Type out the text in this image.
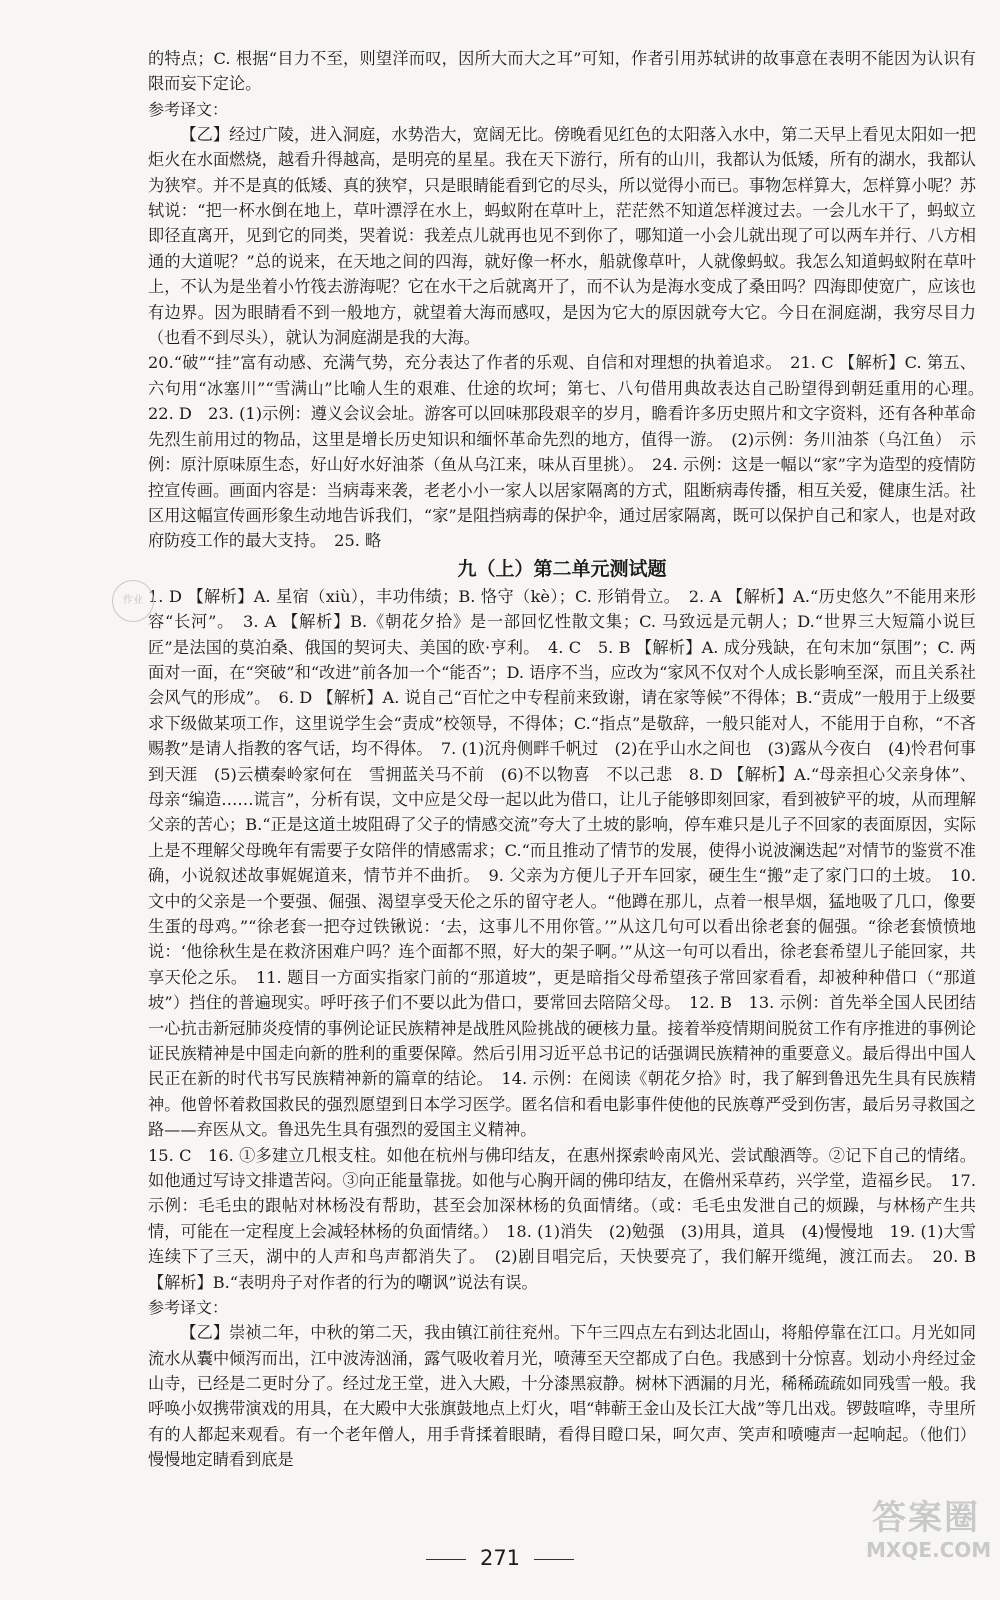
的特点；C. 根据“目力不至，则望洋而叹，因所大而大之耳”可知，作者引用苏轼讲的故事意在表明不能因为认识有限而妄下定论。

参考译文：

【乙】经过广陵，进入洞庭，水势浩大，宽阔无比。傍晚看见红色的太阳落入水中，第二天早上看见太阳如一把炬火在水面燃烧，越看升得越高，是明亮的星星。我在天下游行，所有的山川，我都认为低矮，所有的湖水，我都认为狭窄。并不是真的低矮、真的狭窄，只是眼睛能看到它的尽头，所以觉得小而已。事物怎样算大，怎样算小呢？苏轼说：“把一杯水倒在地上，草叶漂浮在水上，蚂蚁附在草叶上，茫茫然不知道怎样渡过去。一会儿水干了，蚂蚁立即径直离开，见到它的同类，哭着说：我差点儿就再也见不到你了，哪知道一小会儿就出现了可以两车并行、八方相通的大道呢？”总的说来，在天地之间的四海，就好像一杯水，船就像草叶，人就像蚂蚁。我怎么知道蚂蚁附在草叶上，不认为是坐着小竹筏去游海呢？它在水干之后就离开了，而不认为是海水变成了桑田吗？四海即使宽广，应该也有边界。因为眼睛看不到一般地方，就望着大海而感叹，是因为它大的原因就夸大它。今日在洞庭湖，我穷尽目力（也看不到尽头），就认为洞庭湖是我的大海。

20.“破”“挂”富有动感、充满气势，充分表达了作者的乐观、自信和对理想的执着追求。　21. C 【解析】C. 第五、六句用“冰塞川”“雪满山”比喻人生的艰难、仕途的坎坷；第七、八句借用典故表达自己盼望得到朝廷重用的心理。　22. D　23. (1)示例：遵义会议会址。游客可以回味那段艰辛的岁月，瞻看许多历史照片和文字资料，还有各种革命先烈生前用过的物品，这里是增长历史知识和缅怀革命先烈的地方，值得一游。　(2)示例：务川油茶（乌江鱼）　示例：原汁原味原生态，好山好水好油茶（鱼从乌江来，味从百里挑）。　24. 示例：这是一幅以“家”字为造型的疫情防控宣传画。画面内容是：当病毒来袭，老老小小一家人以居家隔离的方式，阻断病毒传播，相互关爱，健康生活。社区用这幅宣传画形象生动地告诉我们，“家”是阻挡病毒的保护伞，通过居家隔离，既可以保护自己和家人，也是对政府防疫工作的最大支持。　25. 略

九（上）第二单元测试题

1. D 【解析】A. 星宿（xiù），丰功伟绩；B. 恪守（kè）；C. 形销骨立。　2. A 【解析】A.“历史悠久”不能用来形容“长河”。　3. A 【解析】B.《朝花夕拾》是一部回忆性散文集；C. 马致远是元朝人；D.“世界三大短篇小说巨匠”是法国的莫泊桑、俄国的契诃夫、美国的欧·亨利。　4. C　5. B 【解析】A. 成分残缺，在句末加“氛围”；C. 两面对一面，在“突破”和“改进”前各加一个“能否”；D. 语序不当，应改为“家风不仅对个人成长影响至深，而且关系社会风气的形成”。　6. D 【解析】A. 说自己“百忙之中专程前来致谢，请在家等候”不得体；B.“责成”一般用于上级要求下级做某项工作，这里说学生会“责成”校领导，不得体；C.“指点”是敬辞，一般只能对人，不能用于自称，“不吝赐教”是请人指教的客气话，均不得体。　7. (1)沉舟侧畔千帆过　(2)在乎山水之间也　(3)露从今夜白　(4)怜君何事到天涯　(5)云横秦岭家何在　雪拥蓝关马不前　(6)不以物喜　不以己悲　8. D 【解析】A.“母亲担心父亲身体”、母亲“编造……谎言”，分析有误，文中应是父母一起以此为借口，让儿子能够即刻回家，看到被铲平的坡，从而理解父亲的苦心；B.“正是这道土坡阻碍了父子的情感交流”夸大了土坡的影响，停车难只是儿子不回家的表面原因，实际上是不理解父母晚年有需要子女陪伴的情感需求；C.“而且推动了情节的发展，使得小说波澜迭起”对情节的鉴赏不准确，小说叙述故事娓娓道来，情节并不曲折。　9. 父亲为方便儿子开车回家，硬生生“搬”走了家门口的土坡。　10. 文中的父亲是一个要强、倔强、渴望享受天伦之乐的留守老人。“他蹲在那儿，点着一根旱烟，猛地吸了几口，像要生蛋的母鸡。”“徐老套一把夺过铁锹说：‘去，这事儿不用你管。’”从这几句可以看出徐老套的倔强。“徐老套愤愤地说：‘他徐秋生是在救济困难户吗？连个面都不照，好大的架子啊。’”从这一句可以看出，徐老套希望儿子能回家，共享天伦之乐。　11. 题目一方面实指家门前的“那道坡”，更是暗指父母希望孩子常回家看看，却被种种借口（“那道坡”）挡住的普遍现实。呼吁孩子们不要以此为借口，要常回去陪陪父母。　12. B　13. 示例：首先举全国人民团结一心抗击新冠肺炎疫情的事例论证民族精神是战胜风险挑战的硬核力量。接着举疫情期间脱贫工作有序推进的事例论证民族精神是中国走向新的胜利的重要保障。然后引用习近平总书记的话强调民族精神的重要意义。最后得出中国人民正在新的时代书写民族精神新的篇章的结论。　14. 示例：在阅读《朝花夕拾》时，我了解到鲁迅先生具有民族精神。他曾怀着救国救民的强烈愿望到日本学习医学。匿名信和看电影事件使他的民族尊严受到伤害，最后另寻救国之路——弃医从文。鲁迅先生具有强烈的爱国主义精神。

15. C　16. ①多建立几根支柱。如他在杭州与佛印结友，在惠州探索岭南风光、尝试酿酒等。②记下自己的情绪。如他通过写诗文排遣苦闷。③向正能量靠拢。如他与心胸开阔的佛印结友，在儋州采草药，兴学堂，造福乡民。　17. 示例：毛毛虫的跟帖对林杨没有帮助，甚至会加深林杨的负面情绪。（或：毛毛虫发泄自己的烦躁，与林杨产生共情，可能在一定程度上会减轻林杨的负面情绪。）　18. (1)消失　(2)勉强　(3)用具，道具　(4)慢慢地　19. (1)大雪连续下了三天，湖中的人声和鸟声都消失了。　(2)剧目唱完后，天快要亮了，我们解开缆绳，渡江而去。　20. B 【解析】B.“表明舟子对作者的行为的嘲讽”说法有误。

参考译文：

【乙】崇祯二年，中秋的第二天，我由镇江前往兖州。下午三四点左右到达北固山，将船停靠在江口。月光如同流水从囊中倾泻而出，江中波涛汹涌，露气吸收着月光，喷薄至天空都成了白色。我感到十分惊喜。划动小舟经过金山寺，已经是二更时分了。经过龙王堂，进入大殿，十分漆黑寂静。树林下洒漏的月光，稀稀疏疏如同残雪一般。我呼唤小奴携带演戏的用具，在大殿中大张旗鼓地点上灯火，唱“韩蕲王金山及长江大战”等几出戏。锣鼓喧哗，寺里所有的人都起来观看。有一个老年僧人，用手背揉着眼睛，看得目瞪口呆，呵欠声、笑声和喷嚏声一起响起。（他们）慢慢地定睛看到底是

作业
271
答案圈
MXQE.COM
